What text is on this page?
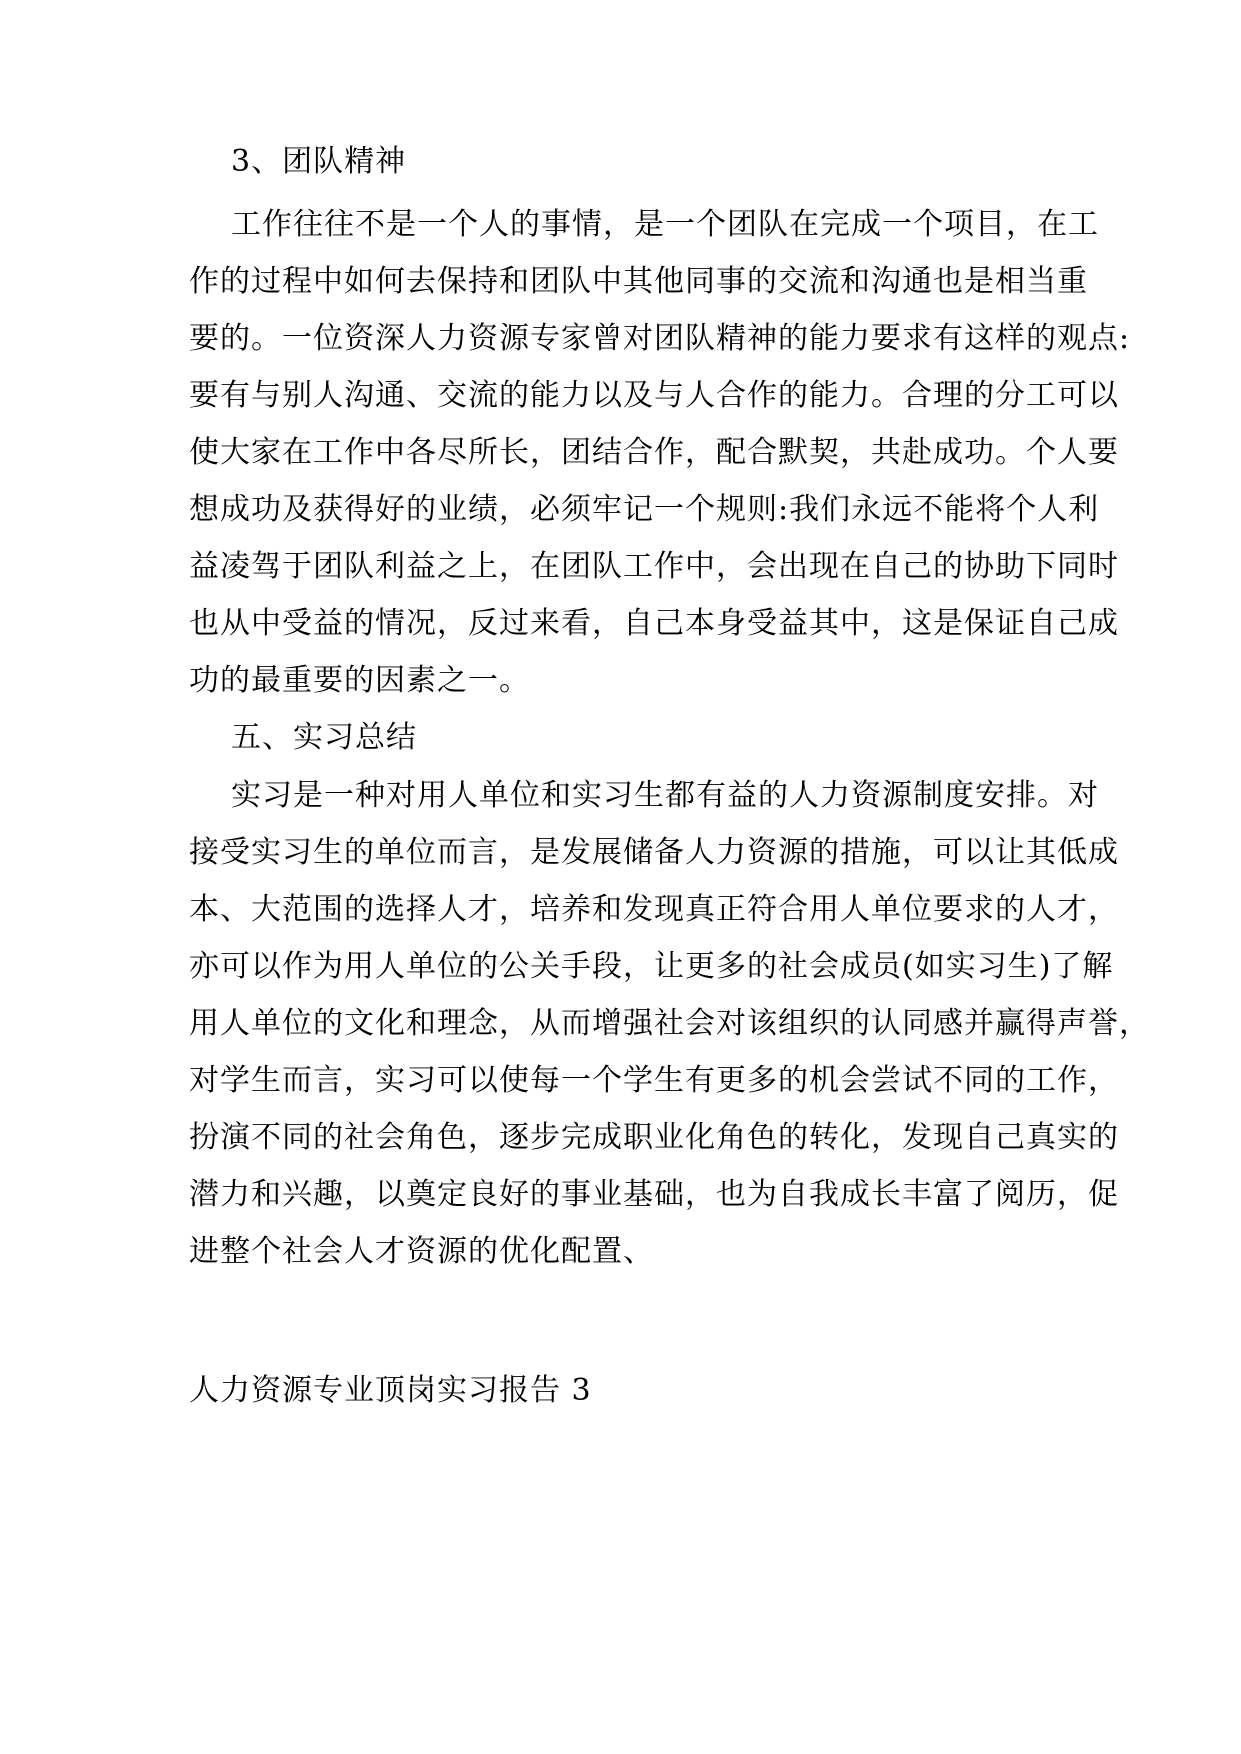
3、团队精神
工作往往不是一个人的事情，是一个团队在完成一个项目，在工
作的过程中如何去保持和团队中其他同事的交流和沟通也是相当重
要的。一位资深人力资源专家曾对团队精神的能力要求有这样的观点:
要有与别人沟通、交流的能力以及与人合作的能力。合理的分工可以
使大家在工作中各尽所长，团结合作，配合默契，共赴成功。个人要
想成功及获得好的业绩，必须牢记一个规则:我们永远不能将个人利
益凌驾于团队利益之上，在团队工作中，会出现在自己的协助下同时
也从中受益的情况，反过来看，自己本身受益其中，这是保证自己成
功的最重要的因素之一。
五、实习总结
实习是一种对用人单位和实习生都有益的人力资源制度安排。对
接受实习生的单位而言，是发展储备人力资源的措施，可以让其低成
本、大范围的选择人才，培养和发现真正符合用人单位要求的人才，
亦可以作为用人单位的公关手段，让更多的社会成员(如实习生)了解
用人单位的文化和理念，从而增强社会对该组织的认同感并赢得声誉，
对学生而言，实习可以使每一个学生有更多的机会尝试不同的工作，
扮演不同的社会角色，逐步完成职业化角色的转化，发现自己真实的
潜力和兴趣，以奠定良好的事业基础，也为自我成长丰富了阅历，促
进整个社会人才资源的优化配置、
人力资源专业顶岗实习报告 3
